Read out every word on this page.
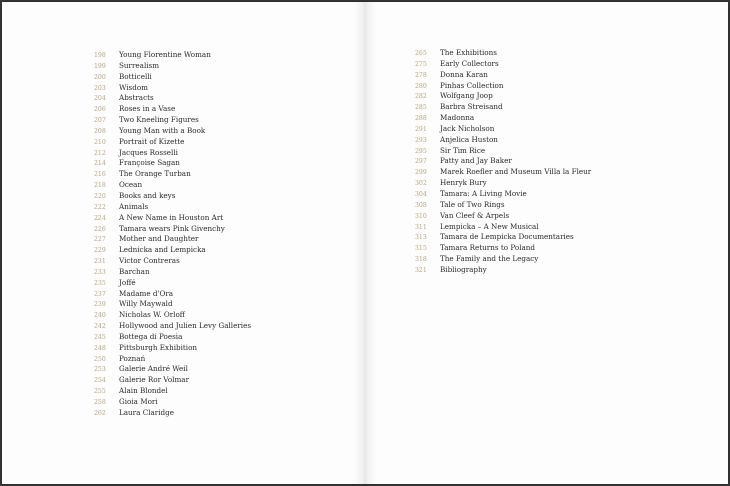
198 Young Florentine Woman
199 Surrealism
200 Botticelli
203 Wisdom
204 Abstracts
206 Roses in a Vase
207 Two Kneeling Figures
208 Young Man with a Book
210 Portrait of Kizette
212 Jacques Rosselli
214 Françoise Sagan
216 The Orange Turban
218 Ocean
220 Books and keys
222 Animals
224 A New Name in Houston Art
226 Tamara wears Pink Givenchy
227 Mother and Daughter
229 Lednicka and Lempicka
231 Victor Contreras
233 Barchan
235 Joffé
237 Madame d'Ora
239 Willy Maywald
240 Nicholas W. Orloff
242 Hollywood and Julien Levy Galleries
245 Bottega di Poesia
248 Pittsburgh Exhibition
250 Poznań
253 Galerie André Weil
254 Galerie Ror Volmar
255 Alain Blondel
258 Gioia Mori
262 Laura Claridge
265 The Exhibitions
275 Early Collectors
278 Donna Karan
280 Pinhas Collection
282 Wolfgang Joop
285 Barbra Streisand
288 Madonna
291 Jack Nicholson
293 Anjelica Huston
295 Sir Tim Rice
297 Patty and Jay Baker
299 Marek Roefler and Museum Villa la Fleur
302 Henryk Bury
304 Tamara: A Living Movie
308 Tale of Two Rings
310 Van Cleef & Arpels
311 Lempicka – A New Musical
313 Tamara de Lempicka Documentaries
315 Tamara Returns to Poland
318 The Family and the Legacy
321 Bibliography
